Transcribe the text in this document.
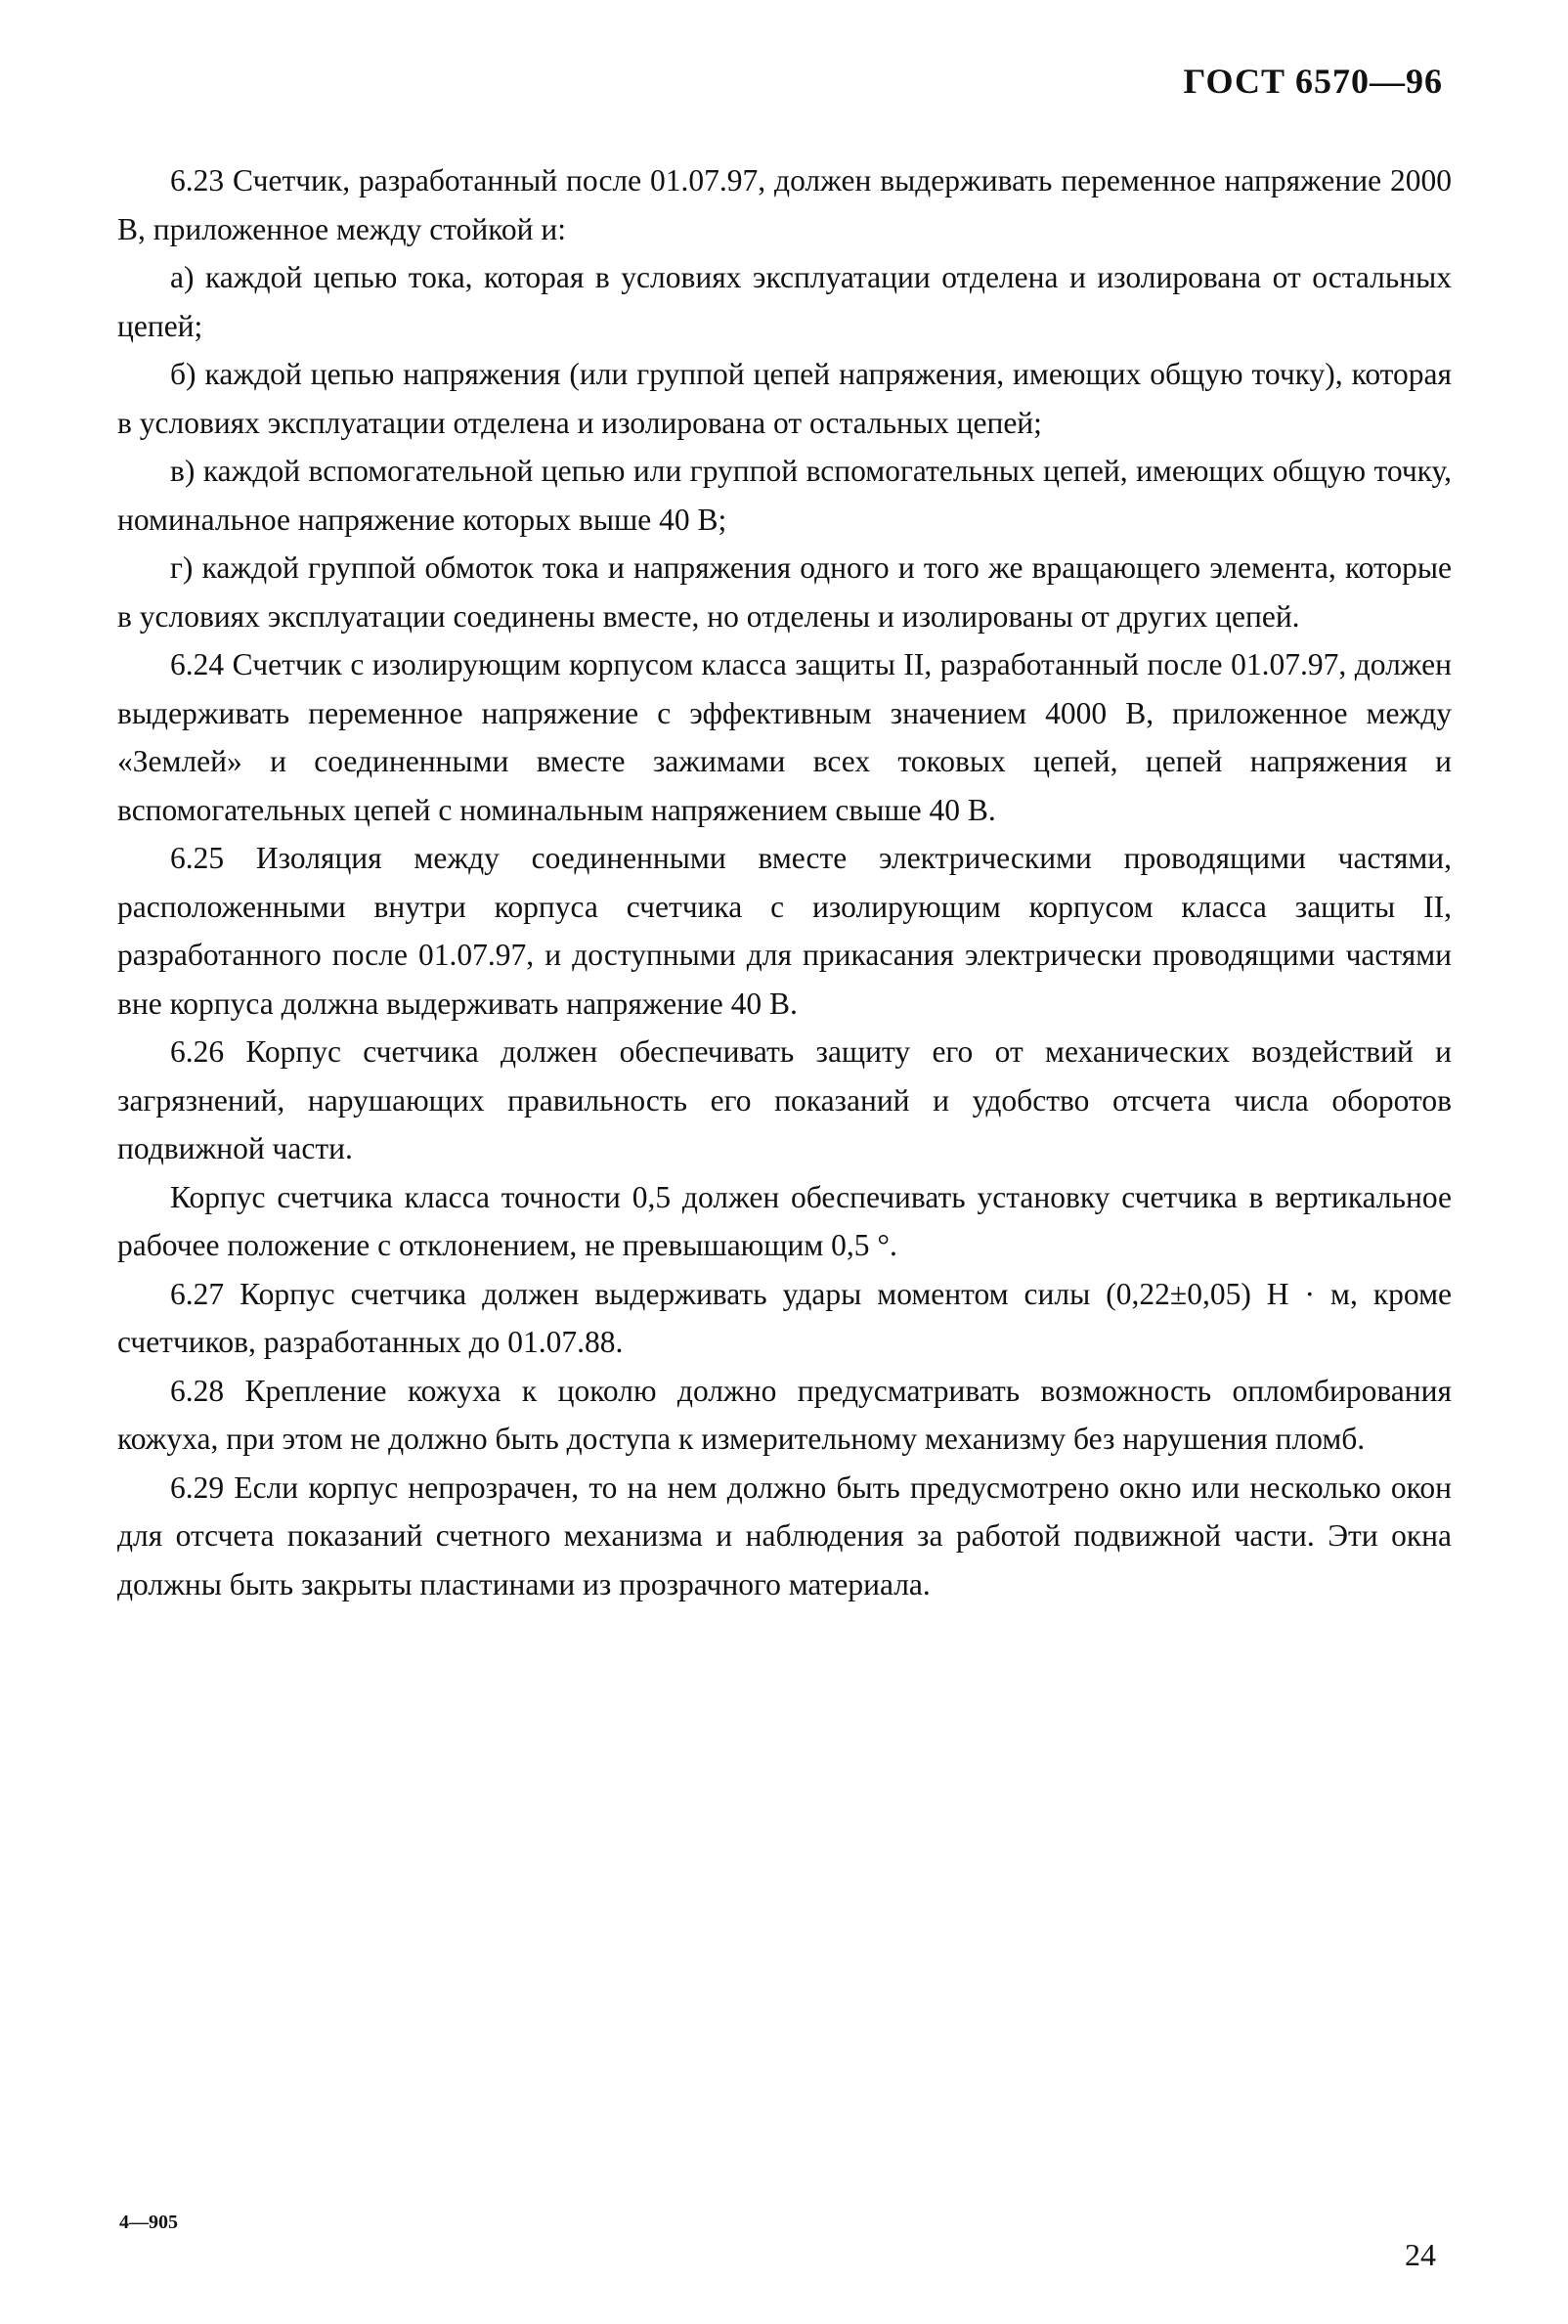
ГОСТ 6570—96

6.23 Счетчик, разработанный после 01.07.97, должен выдерживать переменное напряжение 2000 В, приложенное между стойкой и:

а) каждой цепью тока, которая в условиях эксплуатации отделена и изолирована от остальных цепей;

б) каждой цепью напряжения (или группой цепей напряжения, имеющих общую точку), которая в условиях эксплуатации отделена и изолирована от остальных цепей;

в) каждой вспомогательной цепью или группой вспомогательных цепей, имеющих общую точку, номинальное напряжение которых выше 40 В;

г) каждой группой обмоток тока и напряжения одного и того же вращающего элемента, которые в условиях эксплуатации соединены вместе, но отделены и изолированы от других цепей.

6.24 Счетчик с изолирующим корпусом класса защиты II, разработанный после 01.07.97, должен выдерживать переменное напряжение с эффективным значением 4000 В, приложенное между «Землей» и соединенными вместе зажимами всех токовых цепей, цепей напряжения и вспомогательных цепей с номинальным напряжением свыше 40 В.

6.25 Изоляция между соединенными вместе электрическими проводящими частями, расположенными внутри корпуса счетчика с изолирующим корпусом класса защиты II, разработанного после 01.07.97, и доступными для прикасания электрически проводящими частями вне корпуса должна выдерживать напряжение 40 В.

6.26 Корпус счетчика должен обеспечивать защиту его от механических воздействий и загрязнений, нарушающих правильность его показаний и удобство отсчета числа оборотов подвижной части.

Корпус счетчика класса точности 0,5 должен обеспечивать установку счетчика в вертикальное рабочее положение с отклонением, не превышающим 0,5 °.

6.27 Корпус счетчика должен выдерживать удары моментом силы (0,22±0,05) Н · м, кроме счетчиков, разработанных до 01.07.88.

6.28 Крепление кожуха к цоколю должно предусматривать возможность опломбирования кожуха, при этом не должно быть доступа к измерительному механизму без нарушения пломб.

6.29 Если корпус непрозрачен, то на нем должно быть предусмотрено окно или несколько окон для отсчета показаний счетного механизма и наблюдения за работой подвижной части. Эти окна должны быть закрыты пластинами из прозрачного материала.

4—905
24
